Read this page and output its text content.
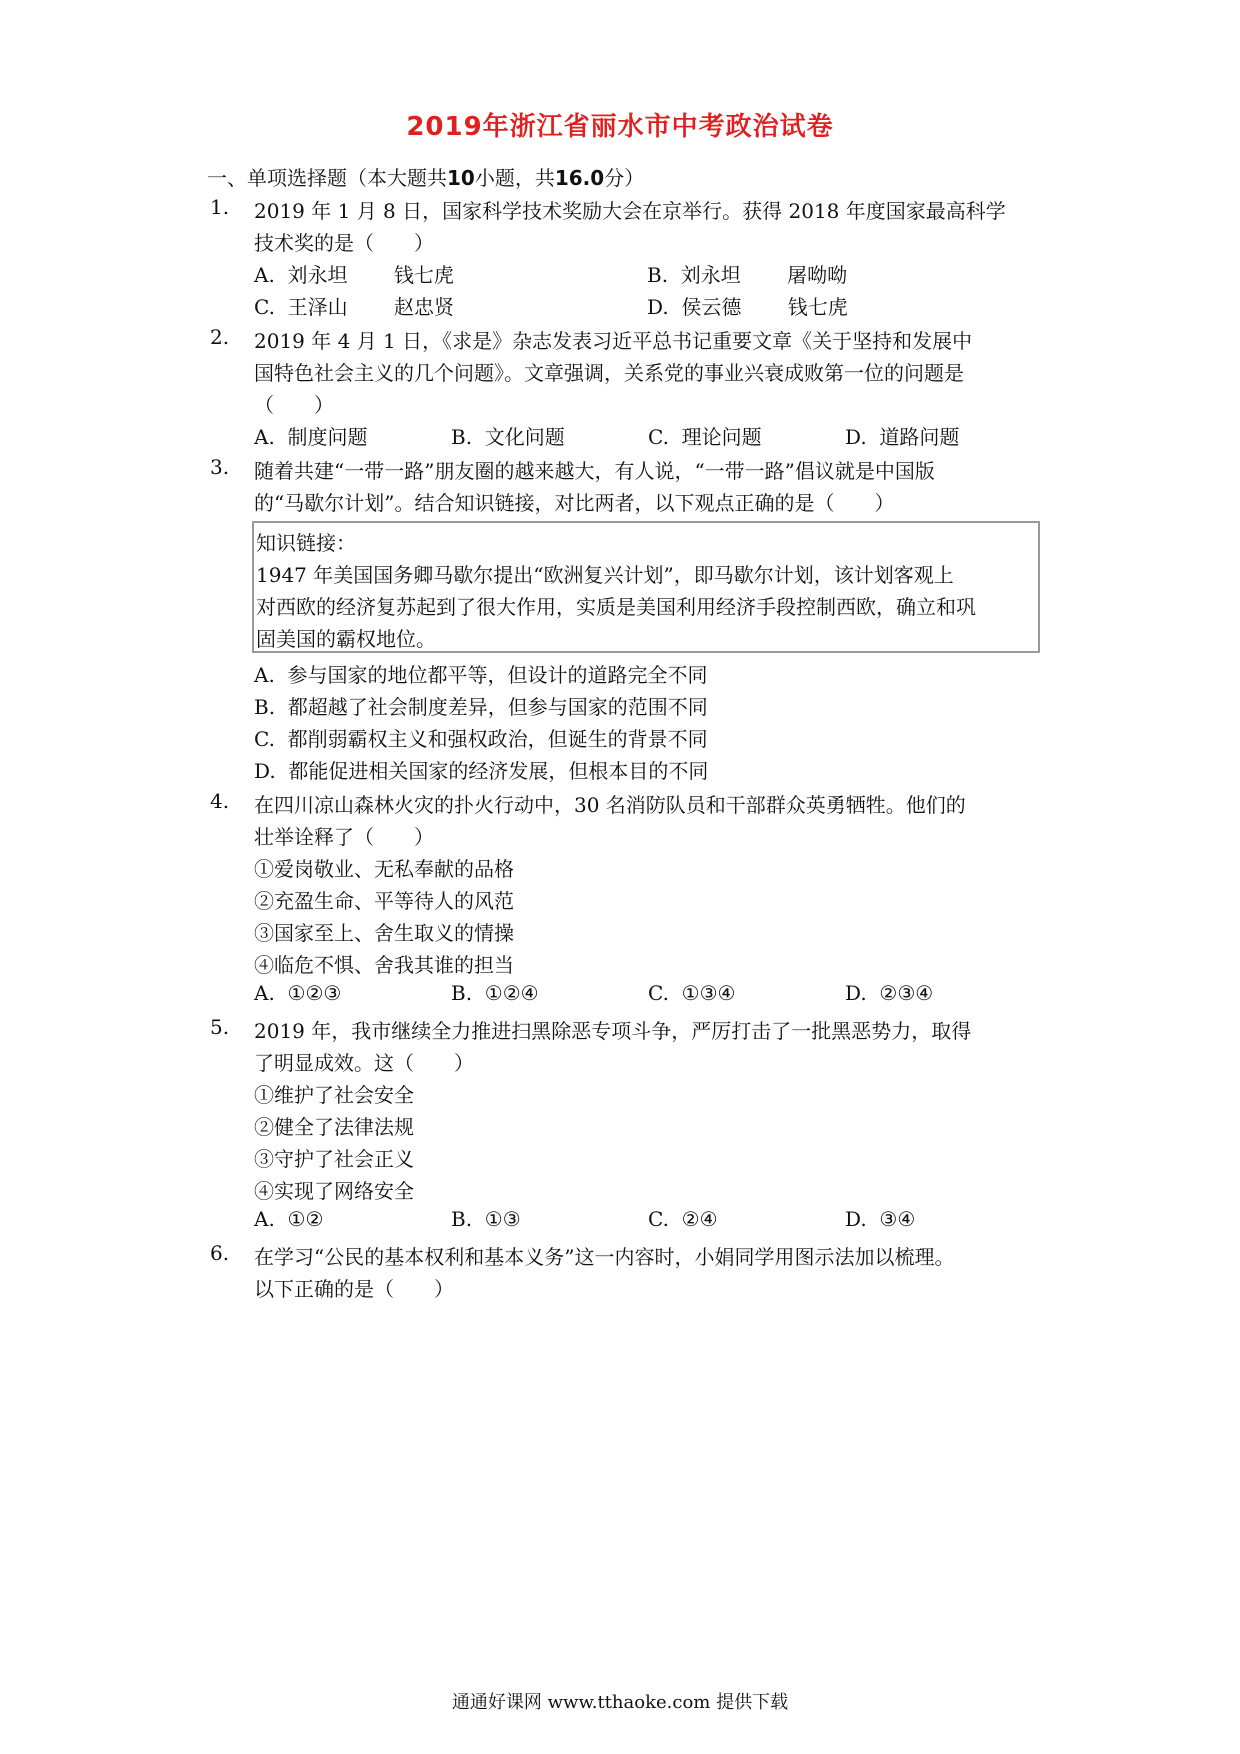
2019年浙江省丽水市中考政治试卷
一、单项选择题（本大题共10小题，共16.0分）
1. 2019 年 1 月 8 日，国家科学技术奖励大会在京举行。获得 2018 年度国家最高科学
技术奖的是（　　）
A.  刘永坦　　 钱七虎	B.  刘永坦　　 屠呦呦
C.  王泽山　　 赵忠贤	D.  侯云德　　 钱七虎
2. 2019 年 4 月 1 日，《求是》杂志发表习近平总书记重要文章《关于坚持和发展中
国特色社会主义的几个问题》。文章强调，关系党的事业兴衰成败第一位的问题是
（　　）
A.  制度问题	B.  文化问题	C.  理论问题	D.  道路问题
3. 随着共建“一带一路”朋友圈的越来越大，有人说，“一带一路”倡议就是中国版
的“马歇尔计划”。结合知识链接，对比两者，以下观点正确的是（　　）
知识链接：
1947 年美国国务卿马歇尔提出“欧洲复兴计划”，即马歇尔计划，该计划客观上
对西欧的经济复苏起到了很大作用，实质是美国利用经济手段控制西欧，确立和巩
固美国的霸权地位。
A.  参与国家的地位都平等，但设计的道路完全不同
B.  都超越了社会制度差异，但参与国家的范围不同
C.  都削弱霸权主义和强权政治，但诞生的背景不同
D.  都能促进相关国家的经济发展，但根本目的不同
4. 在四川凉山森林火灾的扑火行动中，30 名消防队员和干部群众英勇牺牲。他们的
壮举诠释了（　　）
①爱岗敬业、无私奉献的品格
②充盈生命、平等待人的风范
③国家至上、舍生取义的情操
④临危不惧、舍我其谁的担当
A.  ①②③	B.  ①②④	C.  ①③④	D.  ②③④
5. 2019 年，我市继续全力推进扫黑除恶专项斗争，严厉打击了一批黑恶势力，取得
了明显成效。这（　　）
①维护了社会安全
②健全了法律法规
③守护了社会正义
④实现了网络安全
A.  ①②	B.  ①③	C.  ②④	D.  ③④
6. 在学习“公民的基本权利和基本义务”这一内容时，小娟同学用图示法加以梳理。
以下正确的是（　　）
通通好课网 www.tthaoke.com 提供下载
